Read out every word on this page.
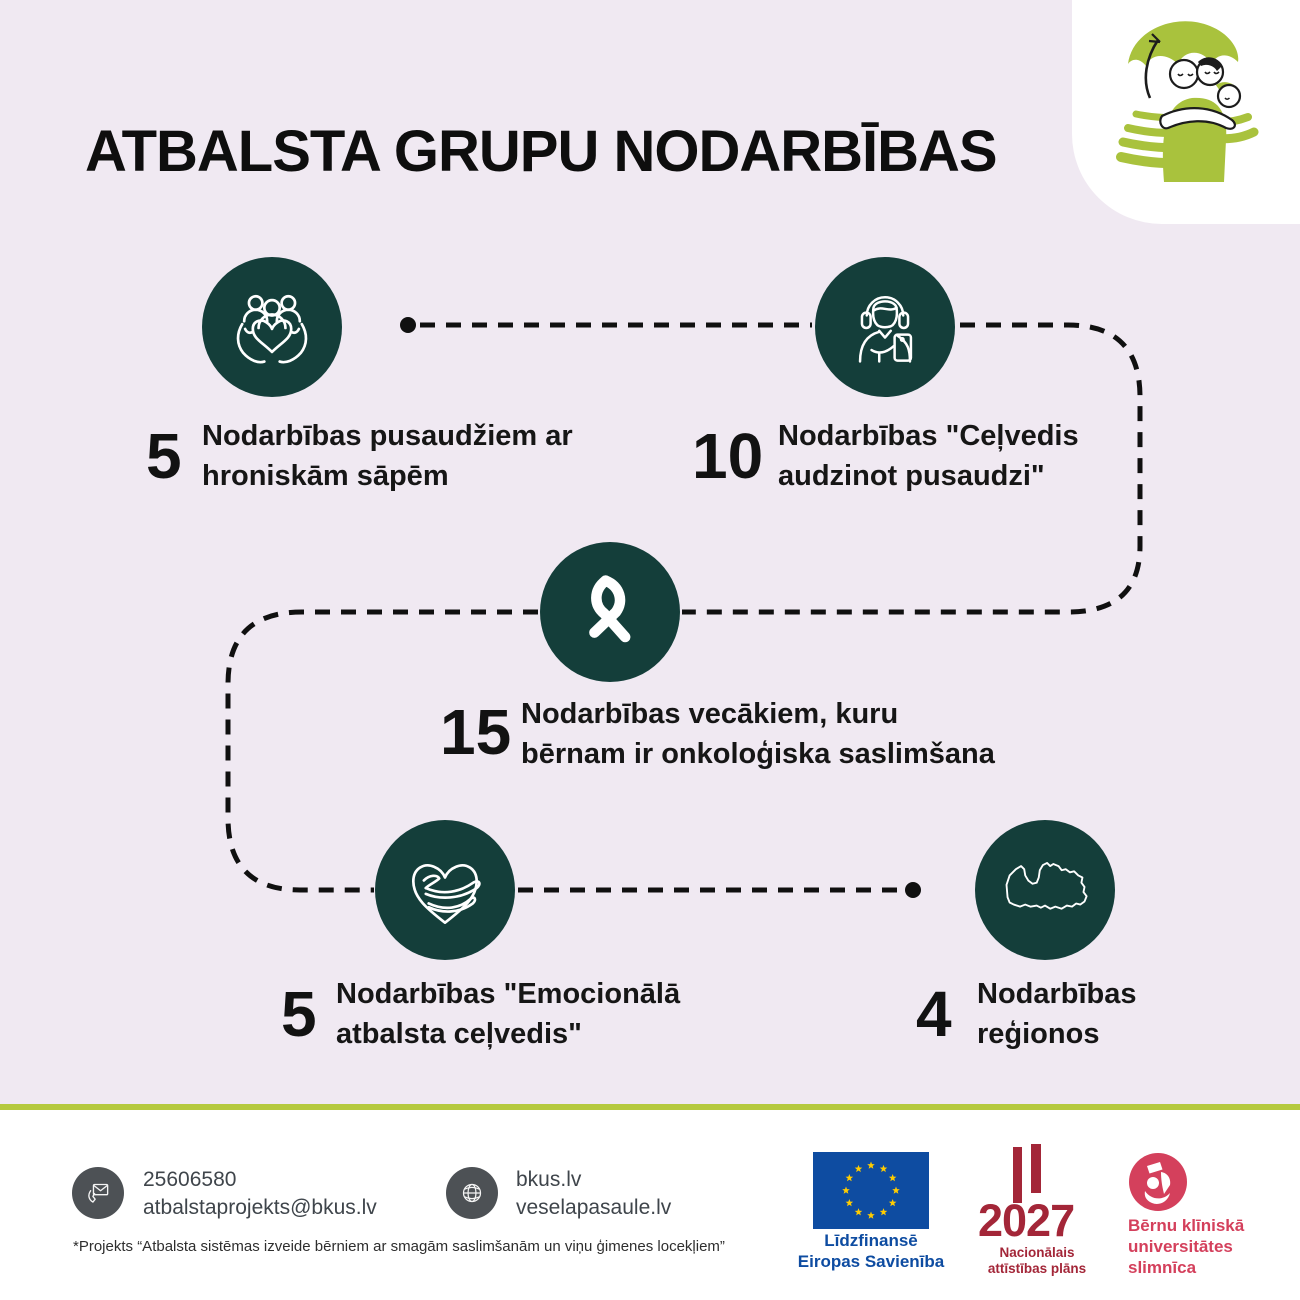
ATBALSTA GRUPU NODARBĪBAS
5 Nodarbības pusaudžiem ar
hroniskām sāpēm	10 Nodarbības "Ceļvedis
audzinot pusaudzi"
15 Nodarbības vecākiem, kuru
bērnam ir onkoloģiska saslimšana
5 Nodarbības "Emocionālā
atbalsta ceļvedis"	4 Nodarbības
reģionos
25606580
atbalstaprojekts@bkus.lv
bkus.lv
veselapasaule.lv
*Projekts “Atbalsta sistēmas izveide bērniem ar smagām saslimšanām un viņu ģimenes locekļiem”	Līdzfinansē
Eiropas Savienība
2027
Nacionālais
attīstības plāns
Bērnu klīniskā
universitātes
slimnīca
